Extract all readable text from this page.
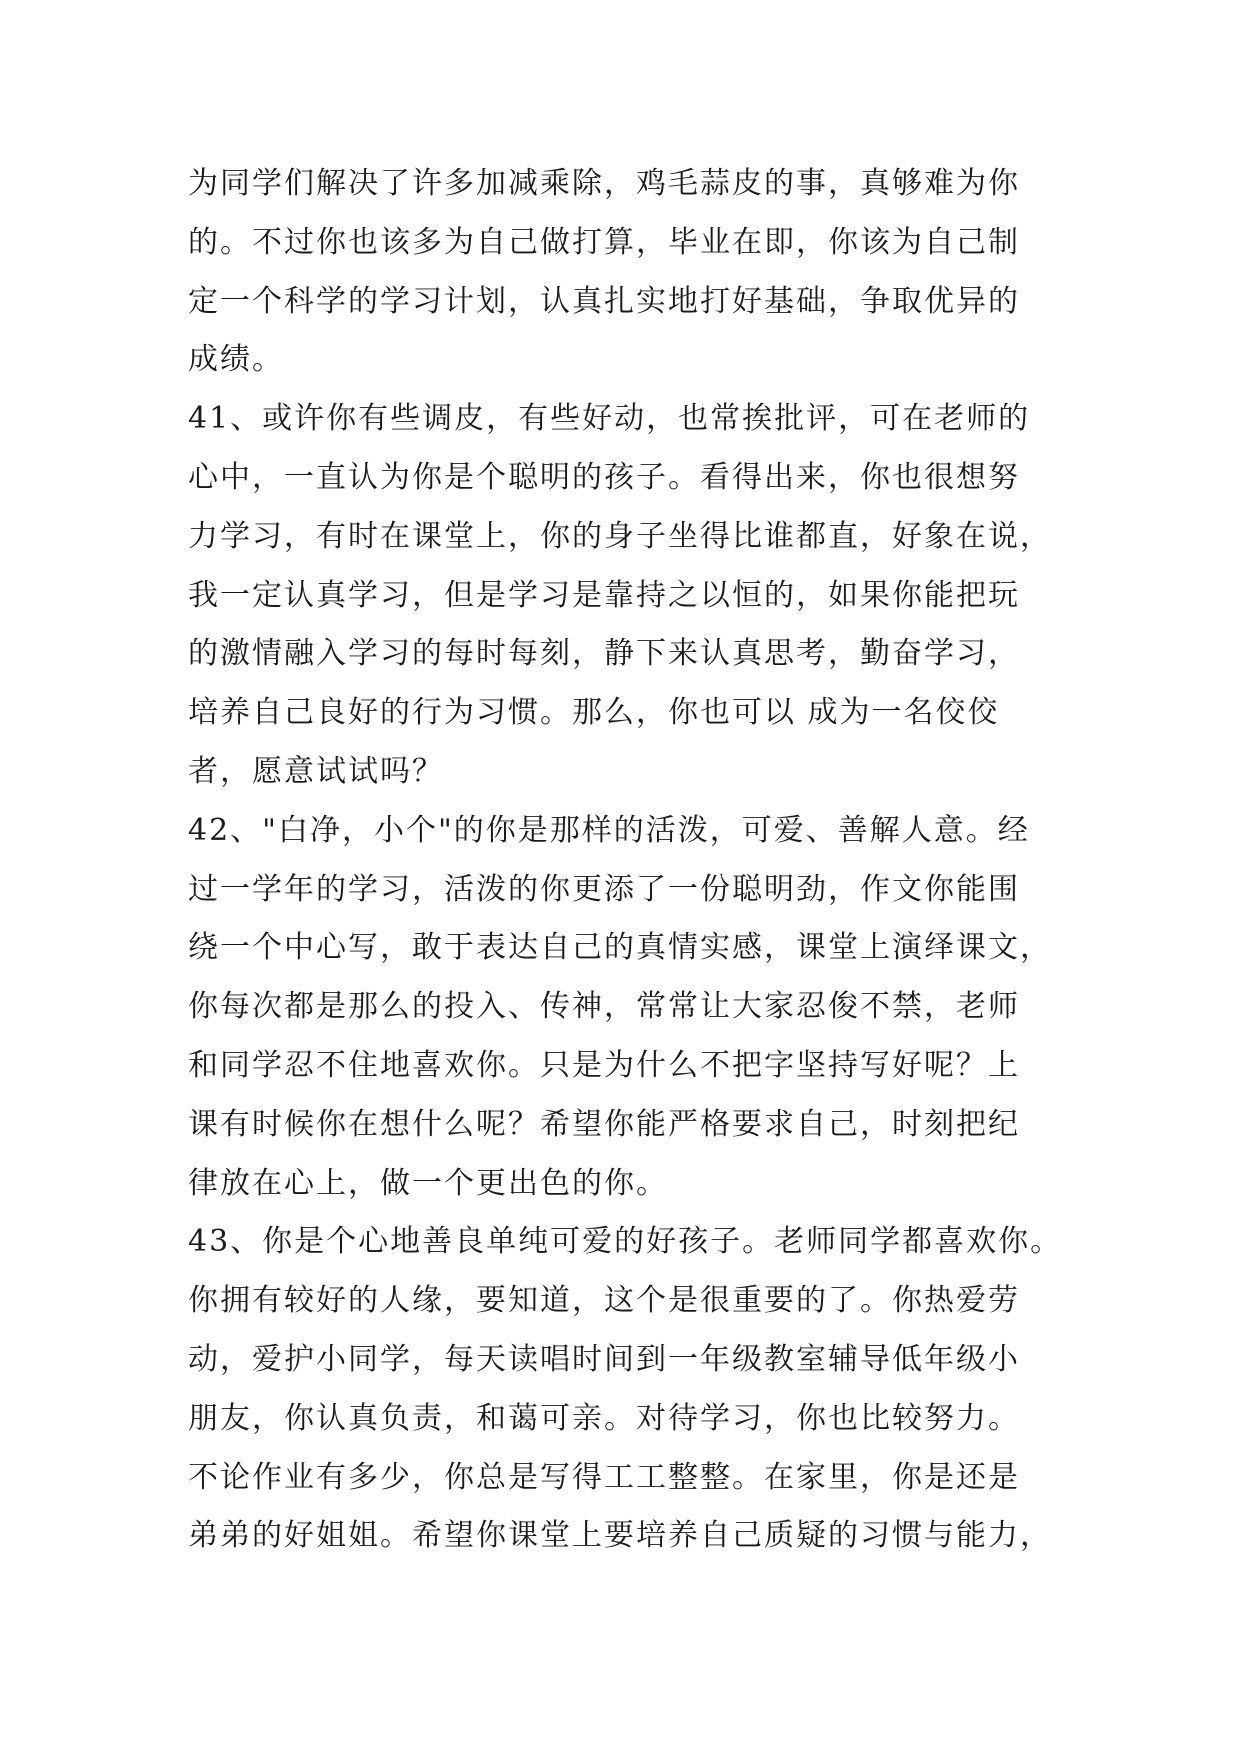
为同学们解决了许多加减乘除，鸡毛蒜皮的事，真够难为你
的。不过你也该多为自己做打算，毕业在即，你该为自己制
定一个科学的学习计划，认真扎实地打好基础，争取优异的
成绩。
41、或许你有些调皮，有些好动，也常挨批评，可在老师的
心中，一直认为你是个聪明的孩子。看得出来，你也很想努
力学习，有时在课堂上，你的身子坐得比谁都直，好象在说，
我一定认真学习，但是学习是靠持之以恒的，如果你能把玩
的激情融入学习的每时每刻，静下来认真思考，勤奋学习，
培养自己良好的行为习惯。那么，你也可以 成为一名佼佼
者，愿意试试吗？
42、"白净，小个"的你是那样的活泼，可爱、善解人意。经
过一学年的学习，活泼的你更添了一份聪明劲，作文你能围
绕一个中心写，敢于表达自己的真情实感，课堂上演绎课文，
你每次都是那么的投入、传神，常常让大家忍俊不禁，老师
和同学忍不住地喜欢你。只是为什么不把字坚持写好呢？上
课有时候你在想什么呢？希望你能严格要求自己，时刻把纪
律放在心上，做一个更出色的你。
43、你是个心地善良单纯可爱的好孩子。老师同学都喜欢你。
你拥有较好的人缘，要知道，这个是很重要的了。你热爱劳
动，爱护小同学，每天读唱时间到一年级教室辅导低年级小
朋友，你认真负责，和蔼可亲。对待学习，你也比较努力。
不论作业有多少，你总是写得工工整整。在家里，你是还是
弟弟的好姐姐。希望你课堂上要培养自己质疑的习惯与能力，
